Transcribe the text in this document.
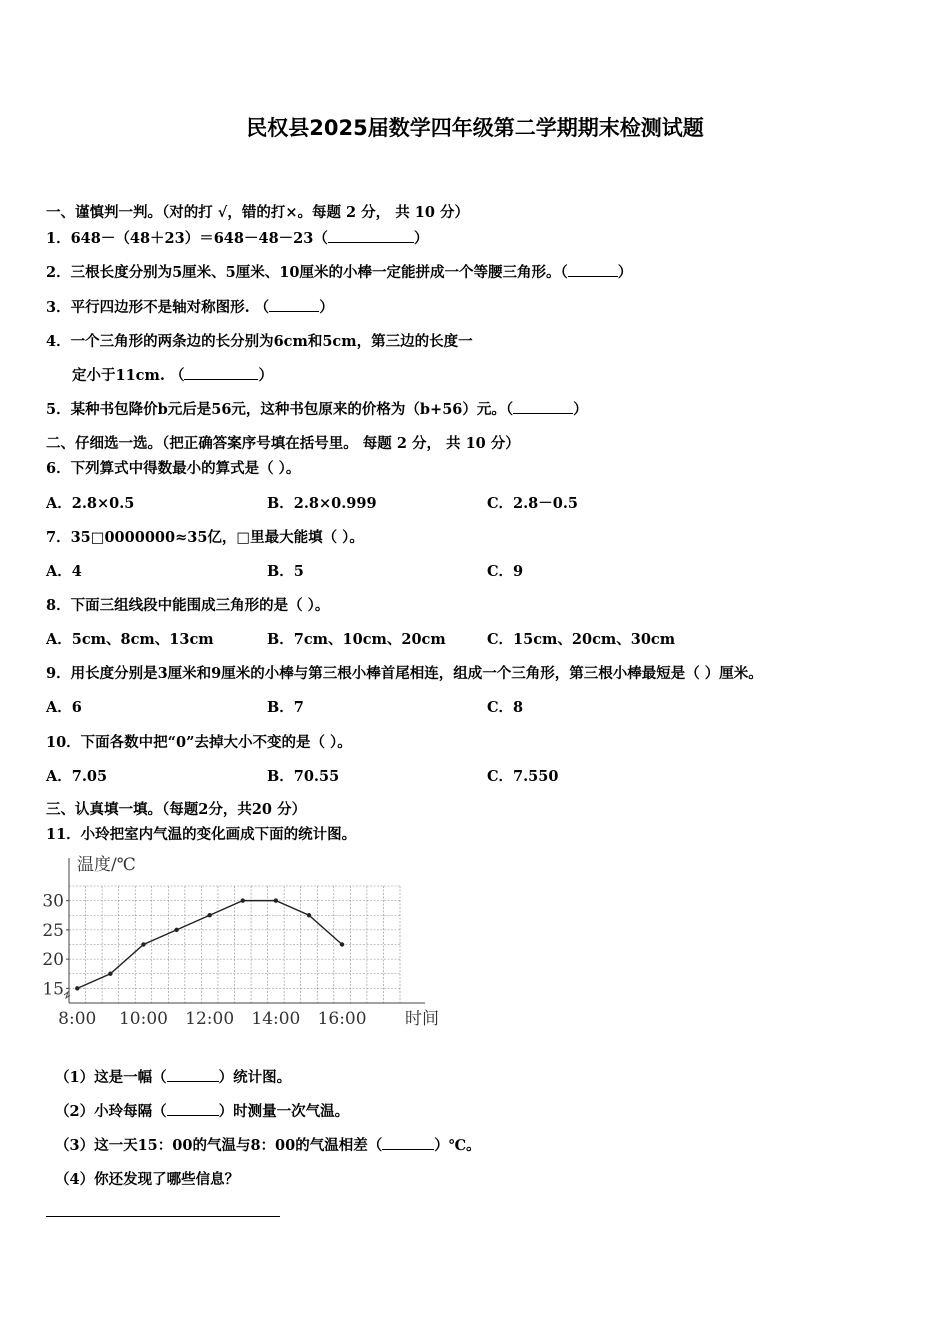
民权县2025届数学四年级第二学期期末检测试题
一、谨慎判一判。（对的打 √，错的打×。每题 2 分， 共 10 分）
1．648－（48＋23）＝648－48－23（	）
2．三根长度分别为5厘米、5厘米、10厘米的小棒一定能拼成一个等腰三角形。（	）
3．平行四边形不是轴对称图形. （	）
4．一个三角形的两条边的长分别为6cm和5cm，第三边的长度一
定小于11cm. （	）
5．某种书包降价b元后是56元，这种书包原来的价格为（b+56）元。（	）
二、仔细选一选。（把正确答案序号填在括号里。 每题 2 分， 共 10 分）
6．下列算式中得数最小的算式是（ ）。
A．2.8×0.5	B．2.8×0.999	C．2.8－0.5
7．35□0000000≈35亿，□里最大能填（ ）。
A．4	B．5	C．9
8．下面三组线段中能围成三角形的是（ ）。
A．5cm、8cm、13cm	B．7cm、10cm、20cm	C．15cm、20cm、30cm
9．用长度分别是3厘米和9厘米的小棒与第三根小棒首尾相连，组成一个三角形，第三根小棒最短是（ ）厘米。
A．6	B．7	C．8
10．下面各数中把“0”去掉大小不变的是（ ）。
A．7.05	B．70.55	C．7.550
三、认真填一填。（每题2分，共20 分）
11．小玲把室内气温的变化画成下面的统计图。
15
20
25
30
8:00 10:00 12:00 14:00 16:00
温度/℃
时间
（1）这是一幅（	）统计图。
（2）小玲每隔（	）时测量一次气温。
（3）这一天15：00的气温与8：00的气温相差（	）℃。
（4）你还发现了哪些信息？
